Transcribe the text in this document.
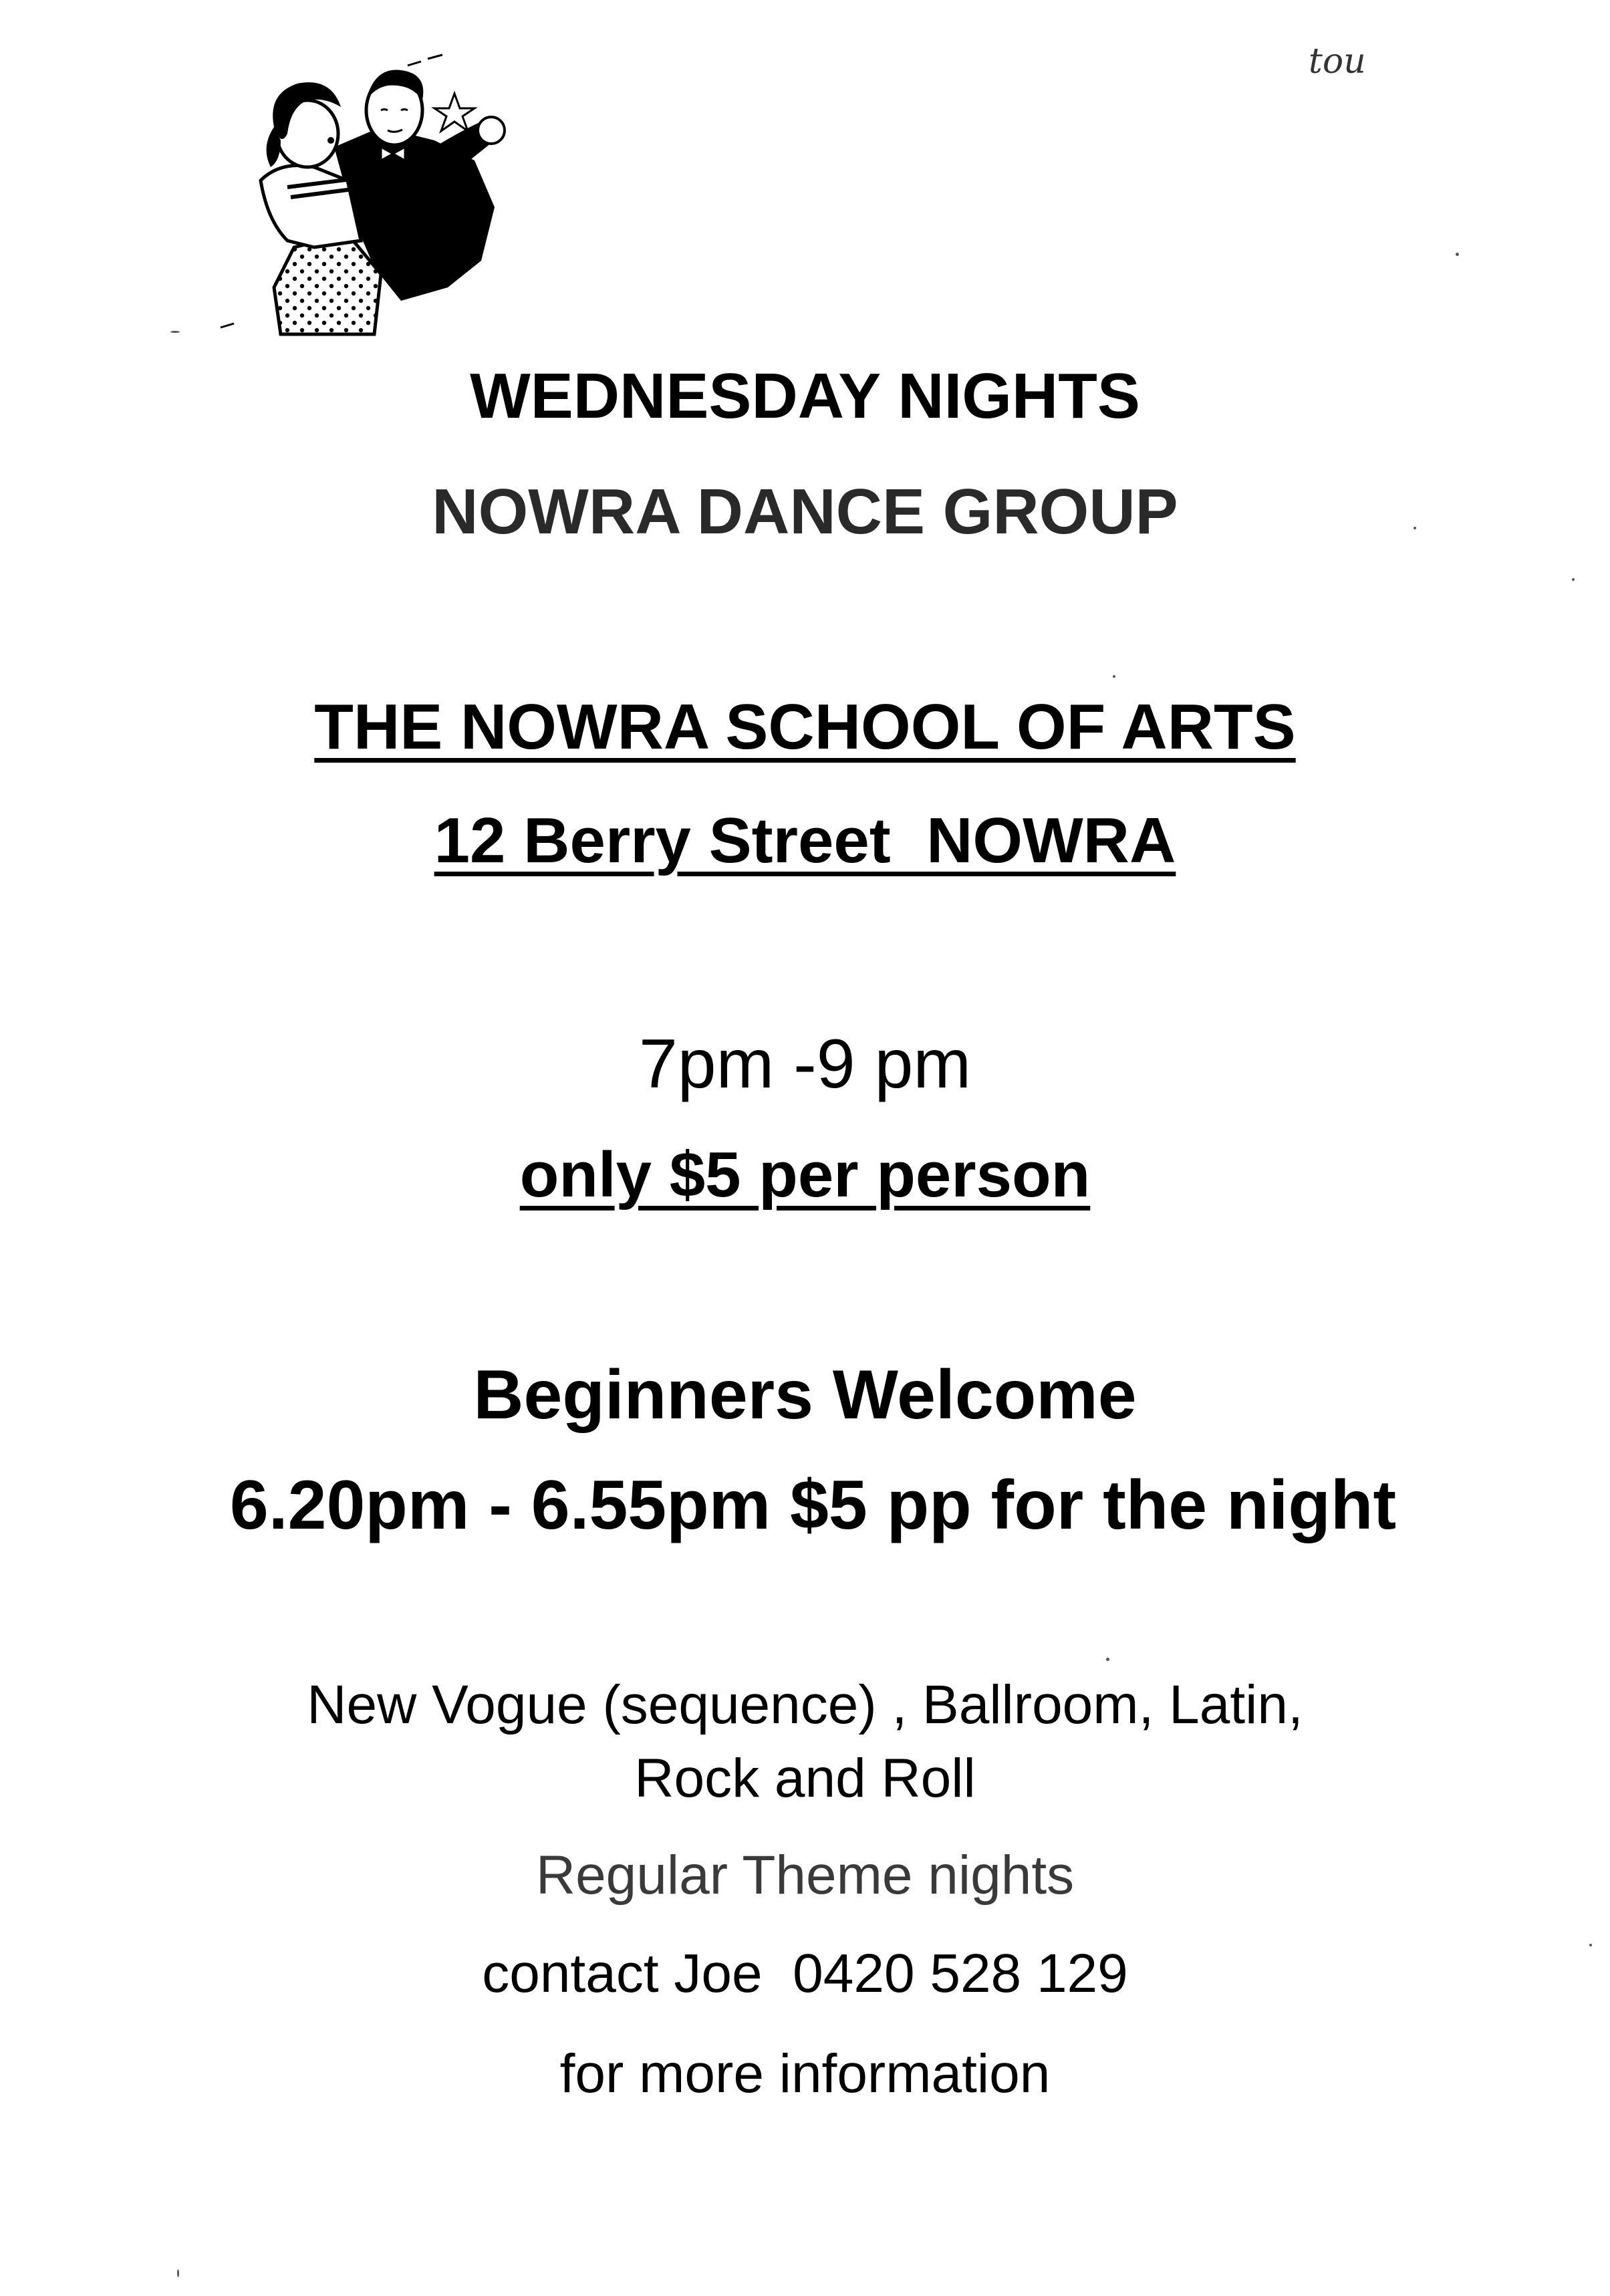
tou
WEDNESDAY NIGHTS
NOWRA DANCE GROUP
THE NOWRA SCHOOL OF ARTS
12 Berry Street  NOWRA
7pm -9 pm
only $5 per person
Beginners Welcome
6.20pm - 6.55pm $5 pp for the night
New Vogue (sequence) , Ballroom, Latin,
Rock and Roll
Regular Theme nights
contact Joe  0420 528 129
for more information
